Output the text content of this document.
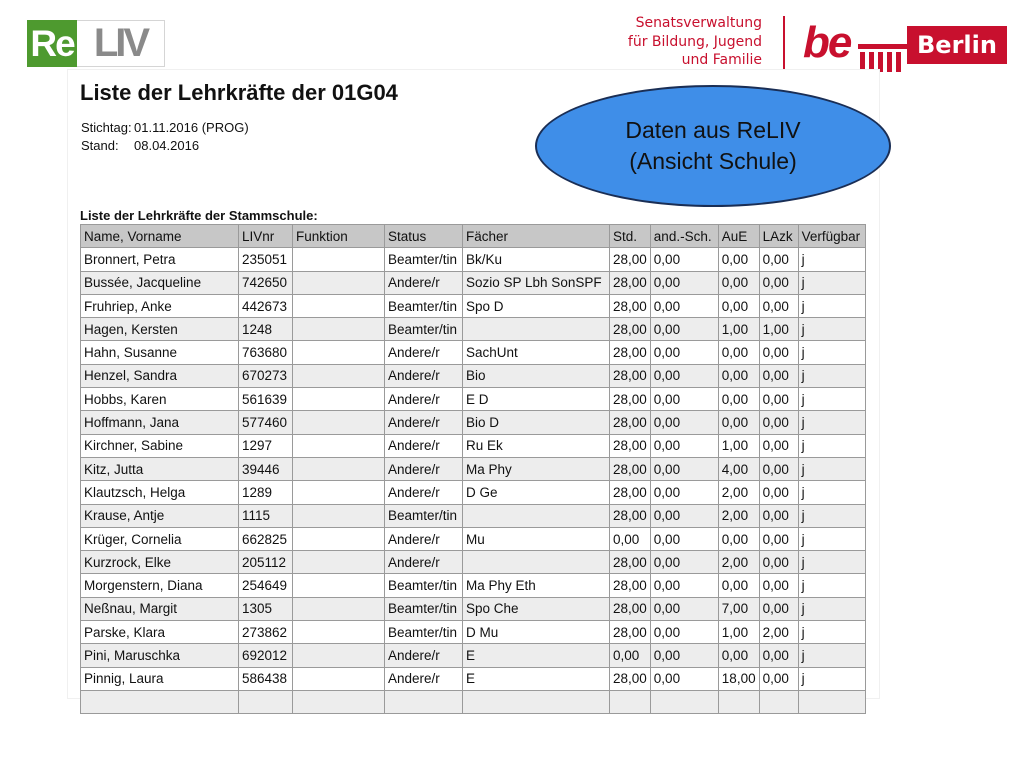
Re LIV	Senatsverwaltung
für Bildung, Jugend
und Familie be	Berlin
Liste der Lehrkräfte der 01G04
Stichtag: 01.11.2016 (PROG)
Stand: 08.04.2016
Liste der Lehrkräfte der Stammschule:
Name, Vorname	LIVnr	Funktion	Status	Fächer	Std.	and.-Sch.	AuE	LAzk	Verfügbar
Bronnert, Petra	235051		Beamter/tin	Bk/Ku	28,00	0,00	0,00	0,00	j
Bussée, Jacqueline	742650		Andere/r	Sozio SP Lbh SonSPF	28,00	0,00	0,00	0,00	j
Fruhriep, Anke	442673		Beamter/tin	Spo D	28,00	0,00	0,00	0,00	j
Hagen, Kersten	1248		Beamter/tin		28,00	0,00	1,00	1,00	j
Hahn, Susanne	763680		Andere/r	SachUnt	28,00	0,00	0,00	0,00	j
Henzel, Sandra	670273		Andere/r	Bio	28,00	0,00	0,00	0,00	j
Hobbs, Karen	561639		Andere/r	E D	28,00	0,00	0,00	0,00	j
Hoffmann, Jana	577460		Andere/r	Bio D	28,00	0,00	0,00	0,00	j
Kirchner, Sabine	1297		Andere/r	Ru Ek	28,00	0,00	1,00	0,00	j
Kitz, Jutta	39446		Andere/r	Ma Phy	28,00	0,00	4,00	0,00	j
Klautzsch, Helga	1289		Andere/r	D Ge	28,00	0,00	2,00	0,00	j
Krause, Antje	1115		Beamter/tin		28,00	0,00	2,00	0,00	j
Krüger, Cornelia	662825		Andere/r	Mu	0,00	0,00	0,00	0,00	j
Kurzrock, Elke	205112		Andere/r		28,00	0,00	2,00	0,00	j
Morgenstern, Diana	254649		Beamter/tin	Ma Phy Eth	28,00	0,00	0,00	0,00	j
Neßnau, Margit	1305		Beamter/tin	Spo Che	28,00	0,00	7,00	0,00	j
Parske, Klara	273862		Beamter/tin	D Mu	28,00	0,00	1,00	2,00	j
Pini, Maruschka	692012		Andere/r	E	0,00	0,00	0,00	0,00	j
Pinnig, Laura	586438		Andere/r	E	28,00	0,00	18,00	0,00	j

Daten aus ReLIV
(Ansicht Schule)
